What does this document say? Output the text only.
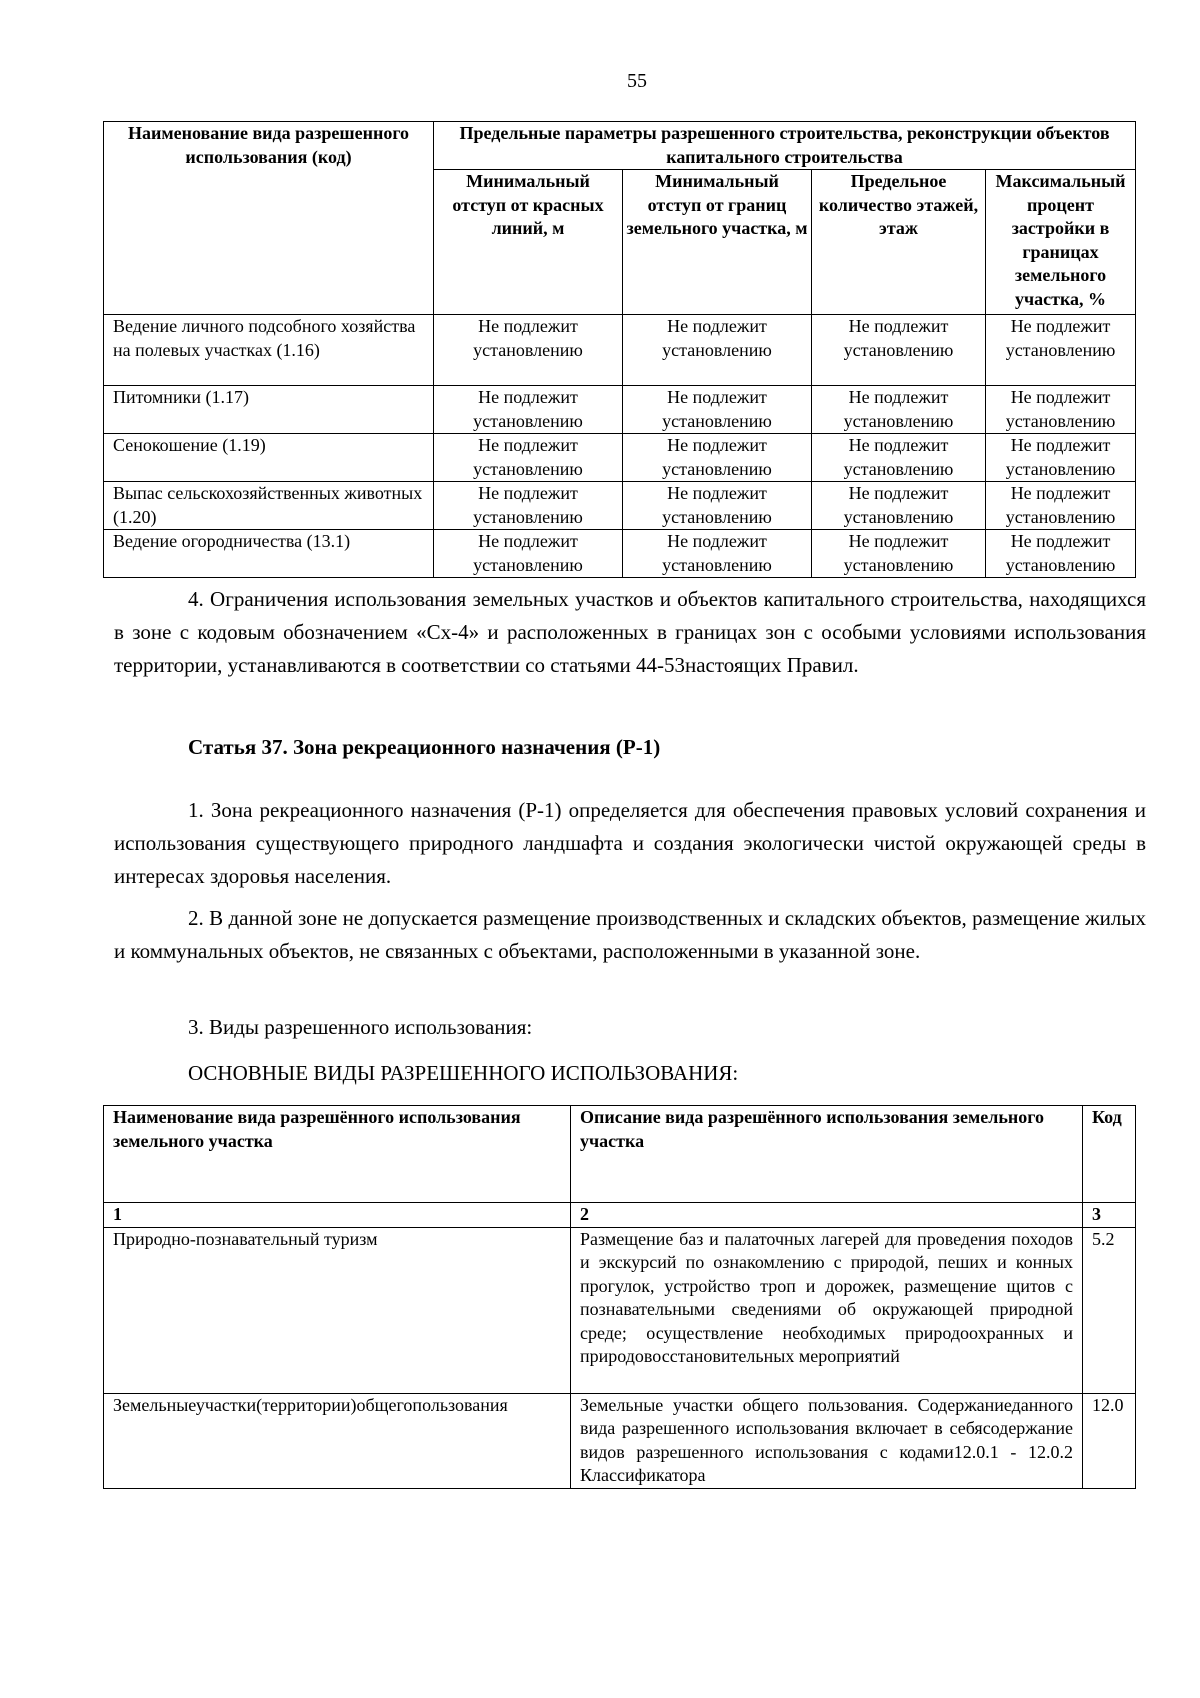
55
Наименование вида разрешенного использования (код)	Предельные параметры разрешенного строительства, реконструкции объектов капитального строительства			
	Минимальный отступ от красных линий, м	Минимальный отступ от границ земельного участка, м	Предельное количество этажей, этаж	Максимальный процент застройки в границах земельного участка, %
Ведение личного подсобного хозяйства на полевых участках (1.16)	Не подлежит установлению	Не подлежит установлению	Не подлежит установлению	Не подлежит установлению
Питомники (1.17)	Не подлежит установлению	Не подлежит установлению	Не подлежит установлению	Не подлежит установлению
Сенокошение (1.19)	Не подлежит установлению	Не подлежит установлению	Не подлежит установлению	Не подлежит установлению
Выпас сельскохозяйственных животных (1.20)	Не подлежит установлению	Не подлежит установлению	Не подлежит установлению	Не подлежит установлению
Ведение огородничества (13.1)	Не подлежит установлению	Не подлежит установлению	Не подлежит установлению	Не подлежит установлению

4. Ограничения использования земельных участков и объектов капитального строительства, находящихся в зоне с кодовым обозначением «Сх-4» и расположенных в границах зон с особыми условиями использования территории, устанавливаются в соответствии со статьями 44-53настоящих Правил.

Статья 37. Зона рекреационного назначения (Р-1)

1. Зона рекреационного назначения (Р-1) определяется для обеспечения правовых условий сохранения и использования существующего природного ландшафта и создания экологически чистой окружающей среды в интересах здоровья населения.

2. В данной зоне не допускается размещение производственных и складских объектов, размещение жилых и коммунальных объектов, не связанных с объектами, расположенными в указанной зоне.

3. Виды разрешенного использования:

ОСНОВНЫЕ ВИДЫ РАЗРЕШЕННОГО ИСПОЛЬЗОВАНИЯ:

Наименование вида разрешённого использования земельного участка	Описание вида разрешённого использования земельного участка	Код
1	2	3
Природно-познавательный туризм	Размещение баз и палаточных лагерей для проведения походов и экскурсий по ознакомлению с природой, пеших и конных прогулок, устройство троп и дорожек, размещение щитов с познавательными сведениями об окружающей природной среде; осуществление необходимых природоохранных и природовосстановительных мероприятий	5.2
Земельныеучастки(территории)общегопользования	Земельные участки общего пользования. Содержаниеданного вида разрешенного использования включает в себясодержание видов разрешенного использования с кодами12.0.1 - 12.0.2 Классификатора	12.0
